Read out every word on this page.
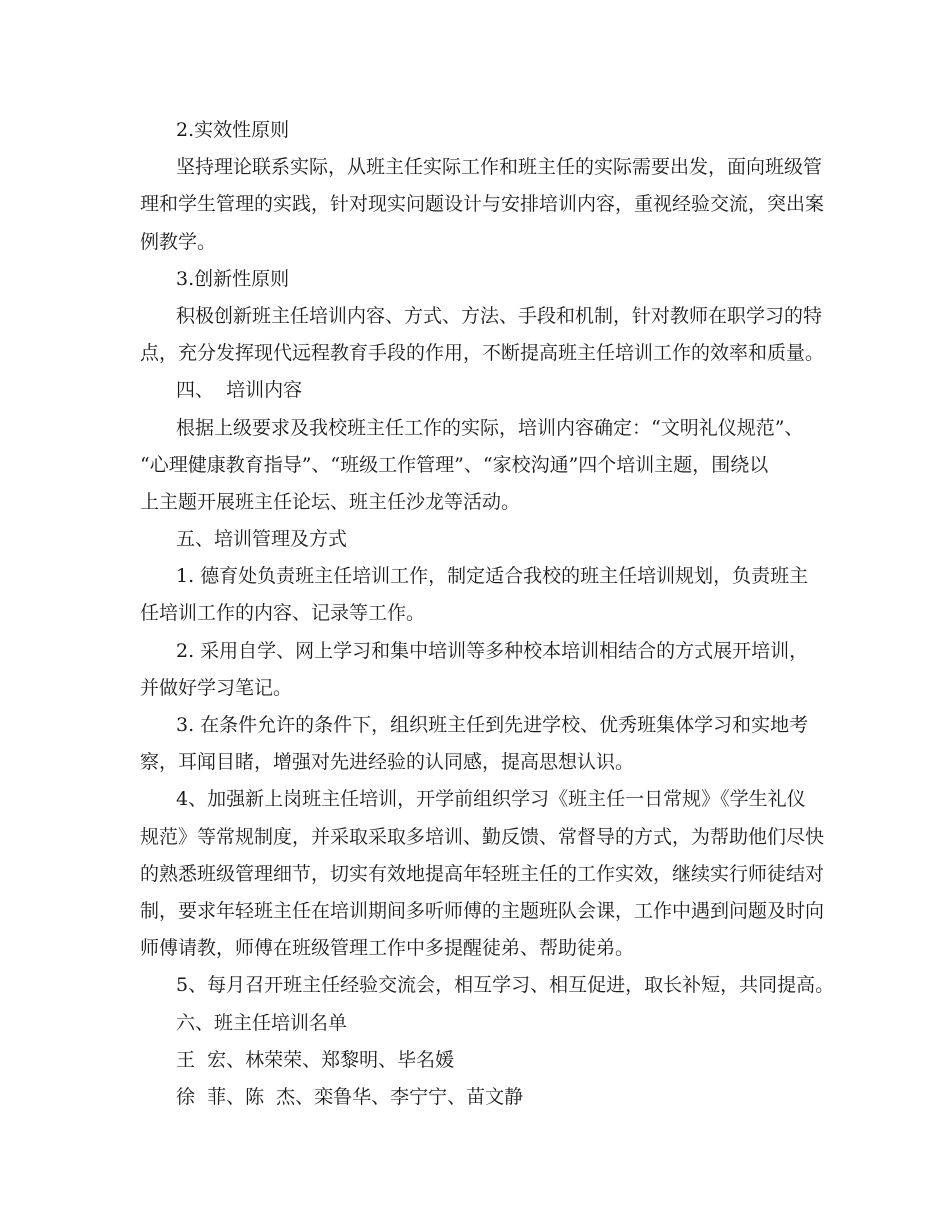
2.实效性原则

坚持理论联系实际，从班主任实际工作和班主任的实际需要出发，面向班级管

理和学生管理的实践，针对现实问题设计与安排培训内容，重视经验交流，突出案

例教学。

3.创新性原则

积极创新班主任培训内容、方式、方法、手段和机制，针对教师在职学习的特

点，充分发挥现代远程教育手段的作用，不断提高班主任培训工作的效率和质量。

四、  培训内容

根据上级要求及我校班主任工作的实际，培训内容确定：“文明礼仪规范”、

“心理健康教育指导”、“班级工作管理”、“家校沟通”四个培训主题，围绕以

上主题开展班主任论坛、班主任沙龙等活动。

五、培训管理及方式

1. 德育处负责班主任培训工作，制定适合我校的班主任培训规划，负责班主

任培训工作的内容、记录等工作。

2. 采用自学、网上学习和集中培训等多种校本培训相结合的方式展开培训，

并做好学习笔记。

3. 在条件允许的条件下，组织班主任到先进学校、优秀班集体学习和实地考

察，耳闻目睹，增强对先进经验的认同感，提高思想认识。

4、加强新上岗班主任培训，开学前组织学习《班主任一日常规》《学生礼仪

规范》等常规制度，并采取采取多培训、勤反馈、常督导的方式，为帮助他们尽快

的熟悉班级管理细节，切实有效地提高年轻班主任的工作实效，继续实行师徒结对

制，要求年轻班主任在培训期间多听师傅的主题班队会课，工作中遇到问题及时向

师傅请教，师傅在班级管理工作中多提醒徒弟、帮助徒弟。

5、每月召开班主任经验交流会，相互学习、相互促进，取长补短，共同提高。

六、班主任培训名单

王  宏、林荣荣、郑黎明、毕名媛

徐  菲、陈  杰、栾鲁华、李宁宁、苗文静
